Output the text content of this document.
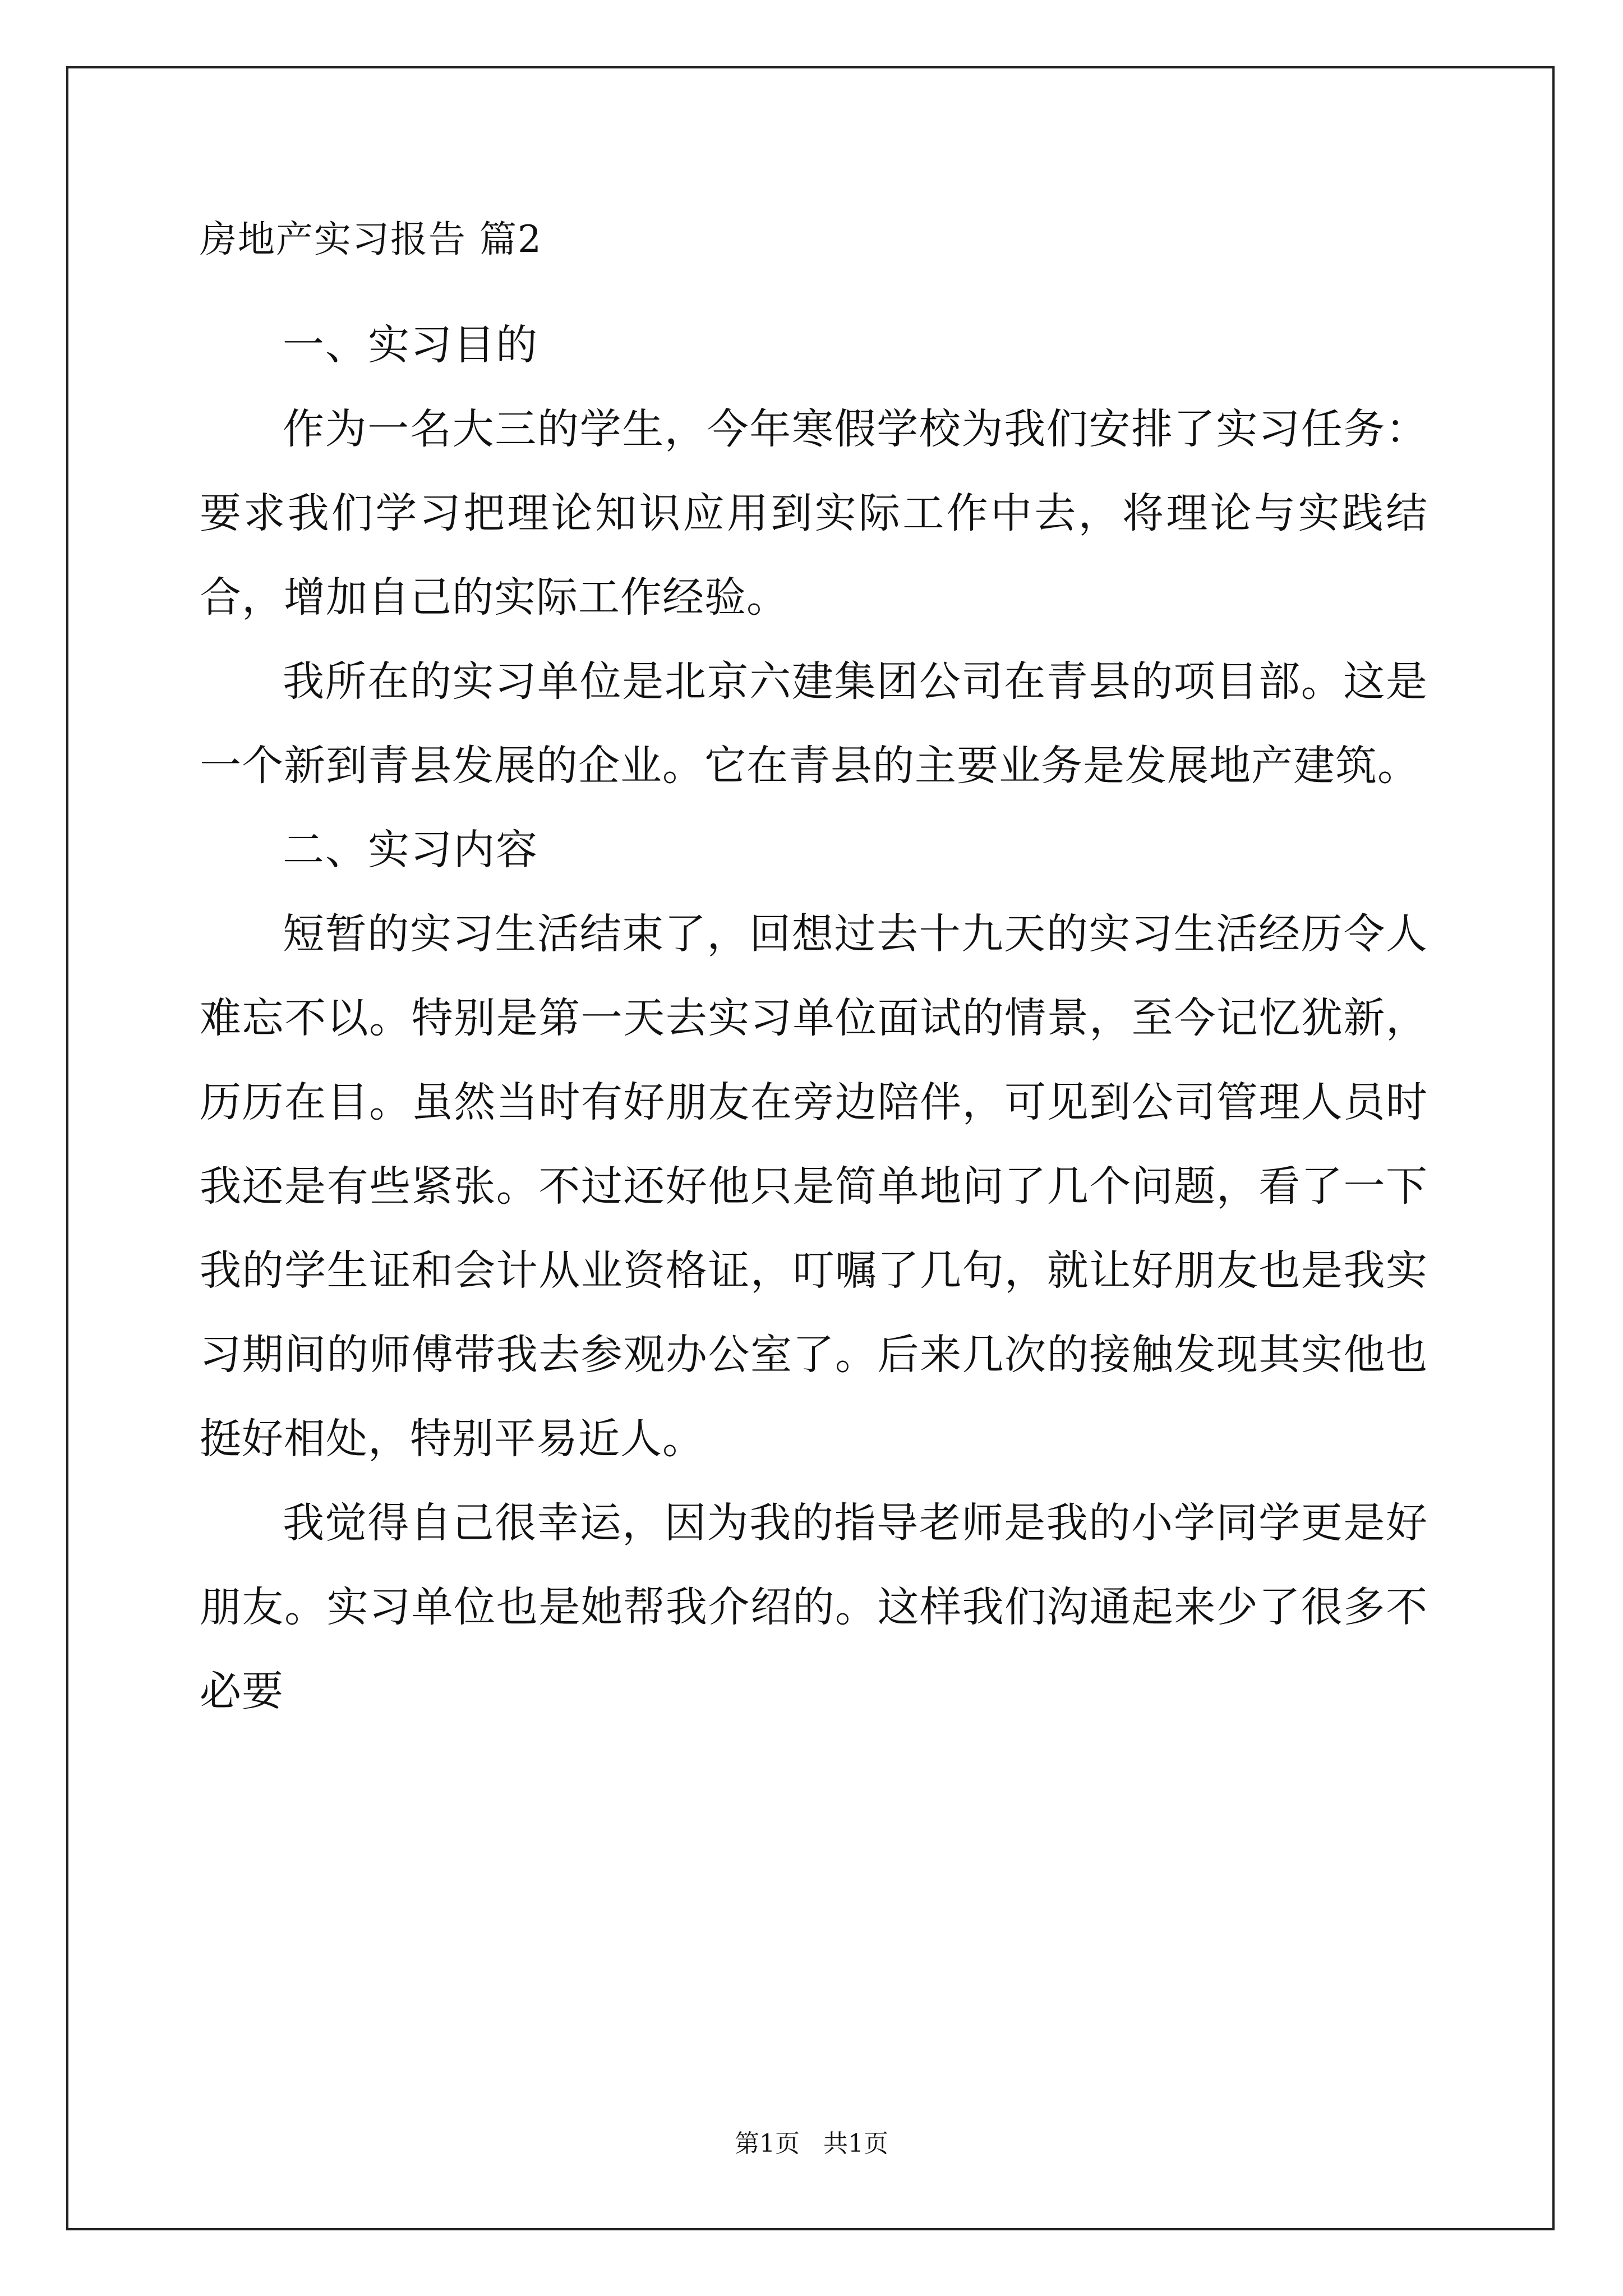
房地产实习报告 篇2
一、实习目的

作为一名大三的学生，今年寒假学校为我们安排了实习任务：要求我们学习把理论知识应用到实际工作中去，将理论与实践结合，增加自己的实际工作经验。

我所在的实习单位是北京六建集团公司在青县的项目部。这是一个新到青县发展的企业。它在青县的主要业务是发展地产建筑。

二、实习内容

短暂的实习生活结束了，回想过去十九天的实习生活经历令人难忘不以。特别是第一天去实习单位面试的情景，至今记忆犹新，历历在目。虽然当时有好朋友在旁边陪伴，可见到公司管理人员时我还是有些紧张。不过还好他只是简单地问了几个问题，看了一下我的学生证和会计从业资格证，叮嘱了几句，就让好朋友也是我实习期间的师傅带我去参观办公室了。后来几次的接触发现其实他也挺好相处，特别平易近人。

我觉得自己很幸运，因为我的指导老师是我的小学同学更是好朋友。实习单位也是她帮我介绍的。这样我们沟通起来少了很多不必要

第1页   共1页
